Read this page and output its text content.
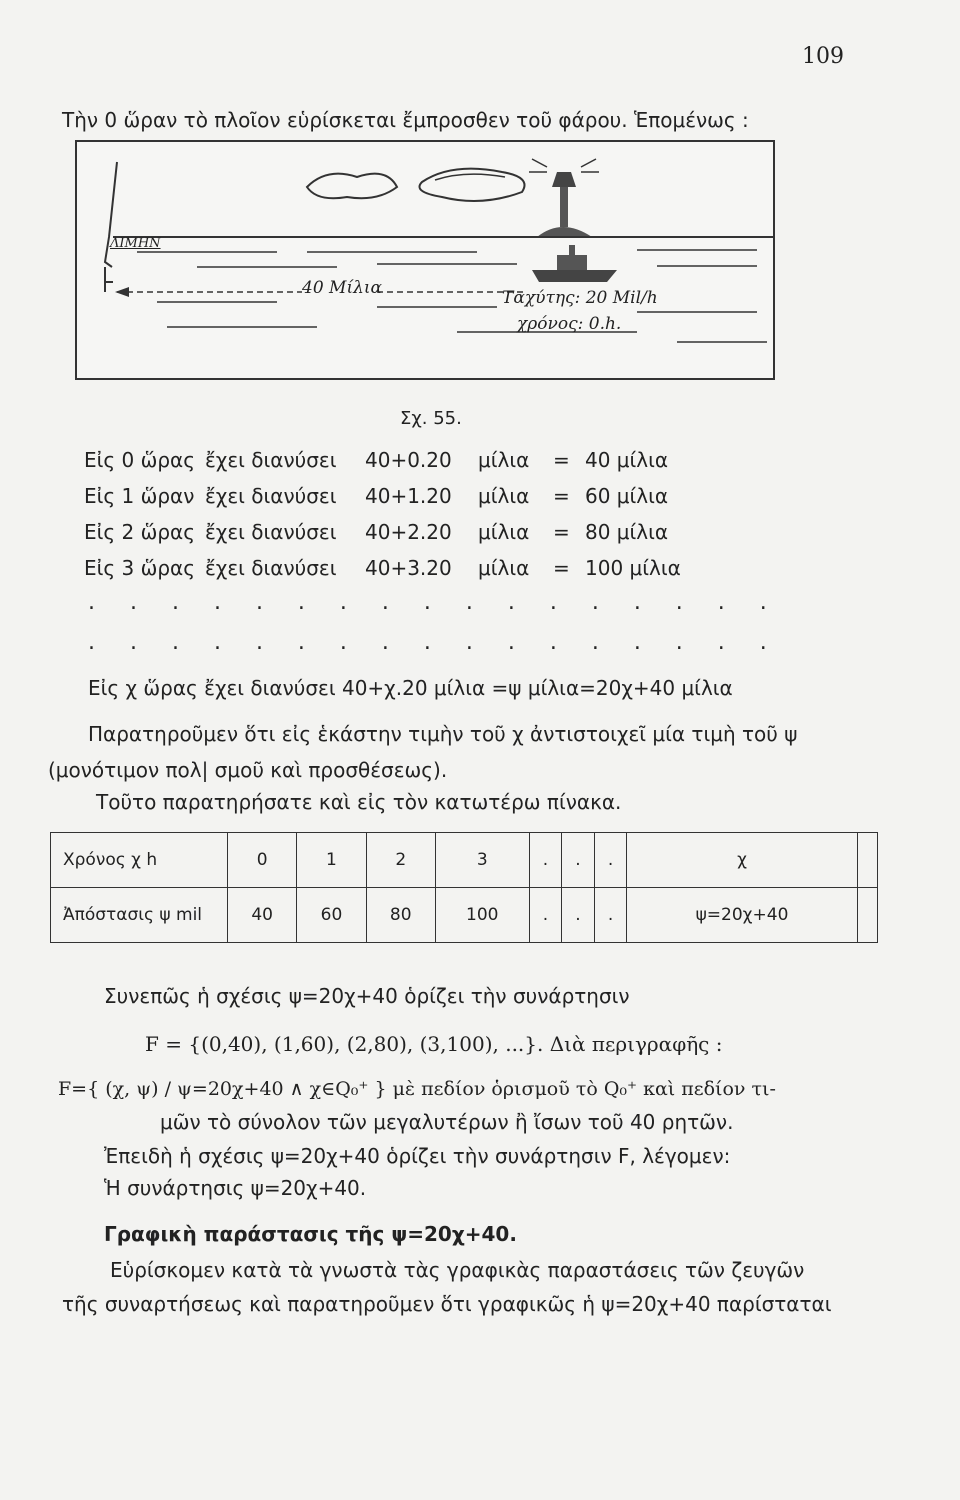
109
Τὴν 0 ὥραν τὸ πλοῖον εὑρίσκεται ἔμπροσθεν τοῦ φάρου. Ἑπομένως :
ΛΙΜΗΝ
40 Μίλια	Ταχύτης: 20 Mil/h
χρόνος: 0.h.
Σχ. 55.
Εἰς 0 ὥρας ἔχει διανύσει 40+0.20 μίλια = 40 μίλια
Εἰς 1 ὥραν ἔχει διανύσει 40+1.20 μίλια = 60 μίλια
Εἰς 2 ὥρας ἔχει διανύσει 40+2.20 μίλια = 80 μίλια
Εἰς 3 ὥρας ἔχει διανύσει 40+3.20 μίλια = 100 μίλια
. . . . . . . . . . . . . . . . .
. . . . . . . . . . . . . . . . .
Εἰς χ ὥρας ἔχει διανύσει 40+χ.20 μίλια =ψ μίλια=20χ+40 μίλια
Παρατηροῦμεν ὅτι εἰς ἑκάστην τιμὴν τοῦ χ ἀντιστοιχεῖ μία τιμὴ τοῦ ψ
(μονότιμον πολ| σμοῦ καὶ προσθέσεως).
Τοῦτο παρατηρήσατε καὶ εἰς τὸν κατωτέρω πίνακα.
Χρόνος χ h	0	1	2	3	.	.	.	χ	
Ἀπόστασις ψ mil	40	60	80	100	.	.	.	ψ=20χ+40	
Συνεπῶς ἡ σχέσις ψ=20χ+40 ὁρίζει τὴν συνάρτησιν
F = {(0,40), (1,60), (2,80), (3,100), ...}. Διὰ περιγραφῆς :
F={ (χ, ψ) / ψ=20χ+40 ∧ χ∈Q₀⁺ } μὲ πεδίον ὁρισμοῦ τὸ Q₀⁺ καὶ πεδίον τι-
μῶν τὸ σύνολον τῶν μεγαλυτέρων ἢ ἴσων τοῦ 40 ρητῶν.
Ἐπειδὴ ἡ σχέσις ψ=20χ+40 ὁρίζει τὴν συνάρτησιν F, λέγομεν:
Ἡ συνάρτησις ψ=20χ+40.
Γραφικὴ παράστασις τῆς ψ=20χ+40.
Εὑρίσκομεν κατὰ τὰ γνωστὰ τὰς γραφικὰς παραστάσεις τῶν ζευγῶν
τῆς συναρτήσεως καὶ παρατηροῦμεν ὅτι γραφικῶς ἡ ψ=20χ+40 παρίσταται
